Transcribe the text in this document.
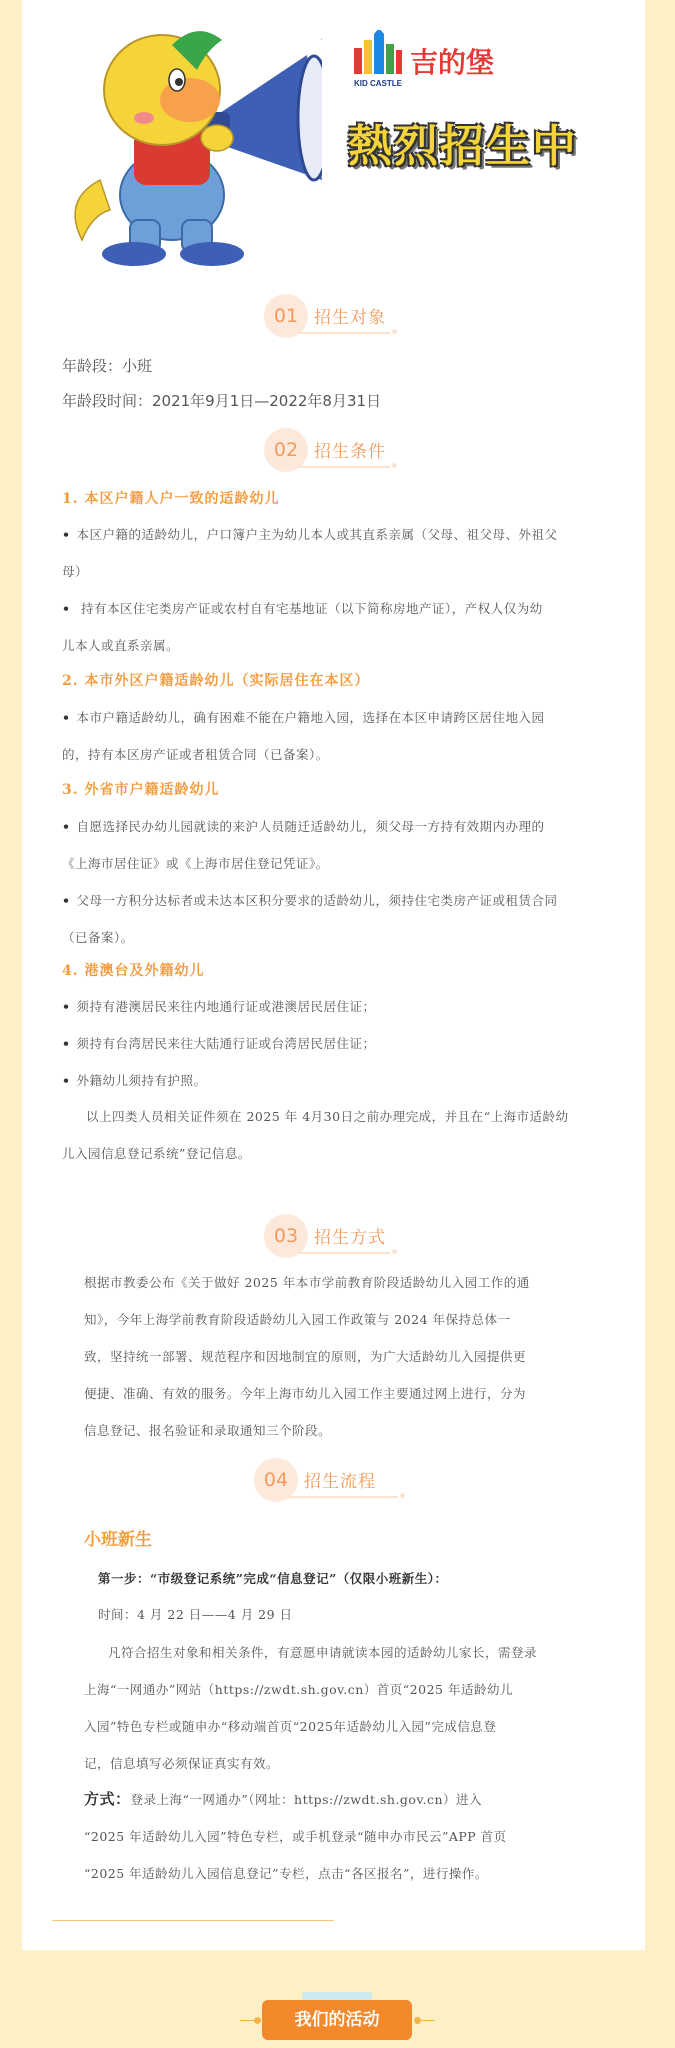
KID CASTLE
吉的堡
熱烈招生中
01 招生对象
年龄段：小班
年龄段时间：2021年9月1日—2022年8月31日
02 招生条件
1. 本区户籍人户一致的适龄幼儿
• 本区户籍的适龄幼儿，户口簿户主为幼儿本人或其直系亲属（父母、祖父母、外祖父
母）
• 持有本区住宅类房产证或农村自有宅基地证（以下简称房地产证），产权人仅为幼
儿本人或直系亲属。
2. 本市外区户籍适龄幼儿（实际居住在本区）
• 本市户籍适龄幼儿，确有困难不能在户籍地入园，选择在本区申请跨区居住地入园
的，持有本区房产证或者租赁合同（已备案）。
3. 外省市户籍适龄幼儿
• 自愿选择民办幼儿园就读的来沪人员随迁适龄幼儿，须父母一方持有效期内办理的
《上海市居住证》或《上海市居住登记凭证》。
• 父母一方积分达标者或未达本区积分要求的适龄幼儿，须持住宅类房产证或租赁合同
（已备案）。
4. 港澳台及外籍幼儿
• 须持有港澳居民来往内地通行证或港澳居民居住证；
• 须持有台湾居民来往大陆通行证或台湾居民居住证；
• 外籍幼儿须持有护照。
以上四类人员相关证件须在 2025 年 4月30日之前办理完成，并且在“上海市适龄幼
儿入园信息登记系统”登记信息。
03 招生方式
根据市教委公布《关于做好 2025 年本市学前教育阶段适龄幼儿入园工作的通
知》，今年上海学前教育阶段适龄幼儿入园工作政策与 2024 年保持总体一
致，坚持统一部署、规范程序和因地制宜的原则，为广大适龄幼儿入园提供更
便捷、准确、有效的服务。今年上海市幼儿入园工作主要通过网上进行，分为
信息登记、报名验证和录取通知三个阶段。
04 招生流程
小班新生
第一步：“市级登记系统”完成“信息登记”（仅限小班新生）：
时间：4 月 22 日——4 月 29 日
凡符合招生对象和相关条件，有意愿申请就读本园的适龄幼儿家长，需登录
上海“一网通办”网站（https://zwdt.sh.gov.cn）首页“2025 年适龄幼儿
入园”特色专栏或随申办“移动端首页“2025年适龄幼儿入园”完成信息登
记，信息填写必须保证真实有效。
方式：登录上海“一网通办”（网址：https://zwdt.sh.gov.cn）进入
“2025 年适龄幼儿入园”特色专栏，或手机登录“随申办市民云”APP 首页
“2025 年适龄幼儿入园信息登记”专栏，点击“各区报名”，进行操作。
我们的活动
